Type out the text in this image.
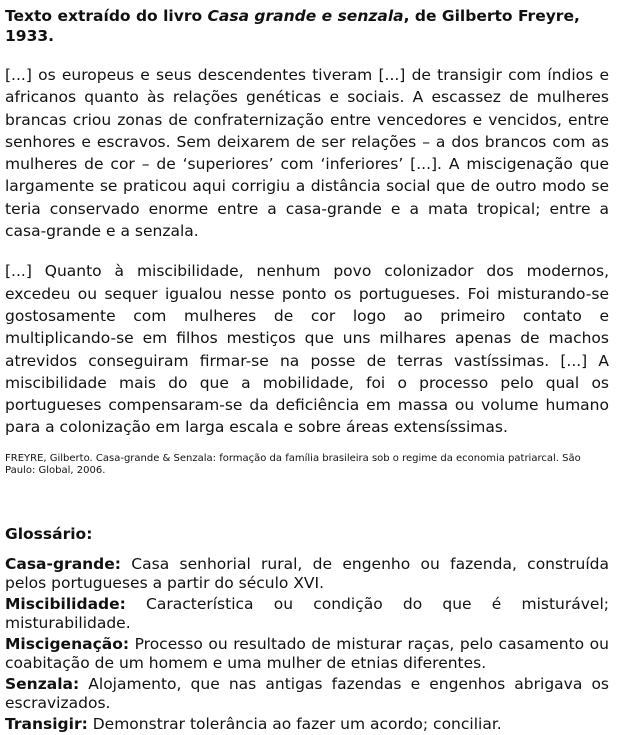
Texto extraído do livro Casa grande e senzala, de Gilberto Freyre, 1933.

[...] os europeus e seus descendentes tiveram [...] de transigir com índios e africanos quanto às relações genéticas e sociais. A escassez de mulheres brancas criou zonas de confraternização entre vencedores e vencidos, entre senhores e escravos. Sem deixarem de ser relações – a dos brancos com as mulheres de cor – de ‘superiores’ com ‘inferiores’ [...]. A miscigenação que largamente se praticou aqui corrigiu a distância social que de outro modo se teria conservado enorme entre a casa-grande e a mata tropical; entre a casa-grande e a senzala.

[...] Quanto à miscibilidade, nenhum povo colonizador dos modernos, excedeu ou sequer igualou nesse ponto os portugueses. Foi misturando-se gostosamente com mulheres de cor logo ao primeiro contato e multiplicando-se em filhos mestiços que uns milhares apenas de machos atrevidos conseguiram firmar-se na posse de terras vastíssimas. [...] A miscibilidade mais do que a mobilidade, foi o processo pelo qual os portugueses compensaram-se da deficiência em massa ou volume humano para a colonização em larga escala e sobre áreas extensíssimas.

FREYRE, Gilberto. Casa-grande & Senzala: formação da família brasileira sob o regime da economia patriarcal. São Paulo: Global, 2006.
Glossário:
Casa-grande: Casa senhorial rural, de engenho ou fazenda, construída pelos portugueses a partir do século XVI.
Miscibilidade: Característica ou condição do que é misturável; misturabilidade.
Miscigenação: Processo ou resultado de misturar raças, pelo casamento ou coabitação de um homem e uma mulher de etnias diferentes.
Senzala: Alojamento, que nas antigas fazendas e engenhos abrigava os escravizados.
Transigir: Demonstrar tolerância ao fazer um acordo; conciliar.
